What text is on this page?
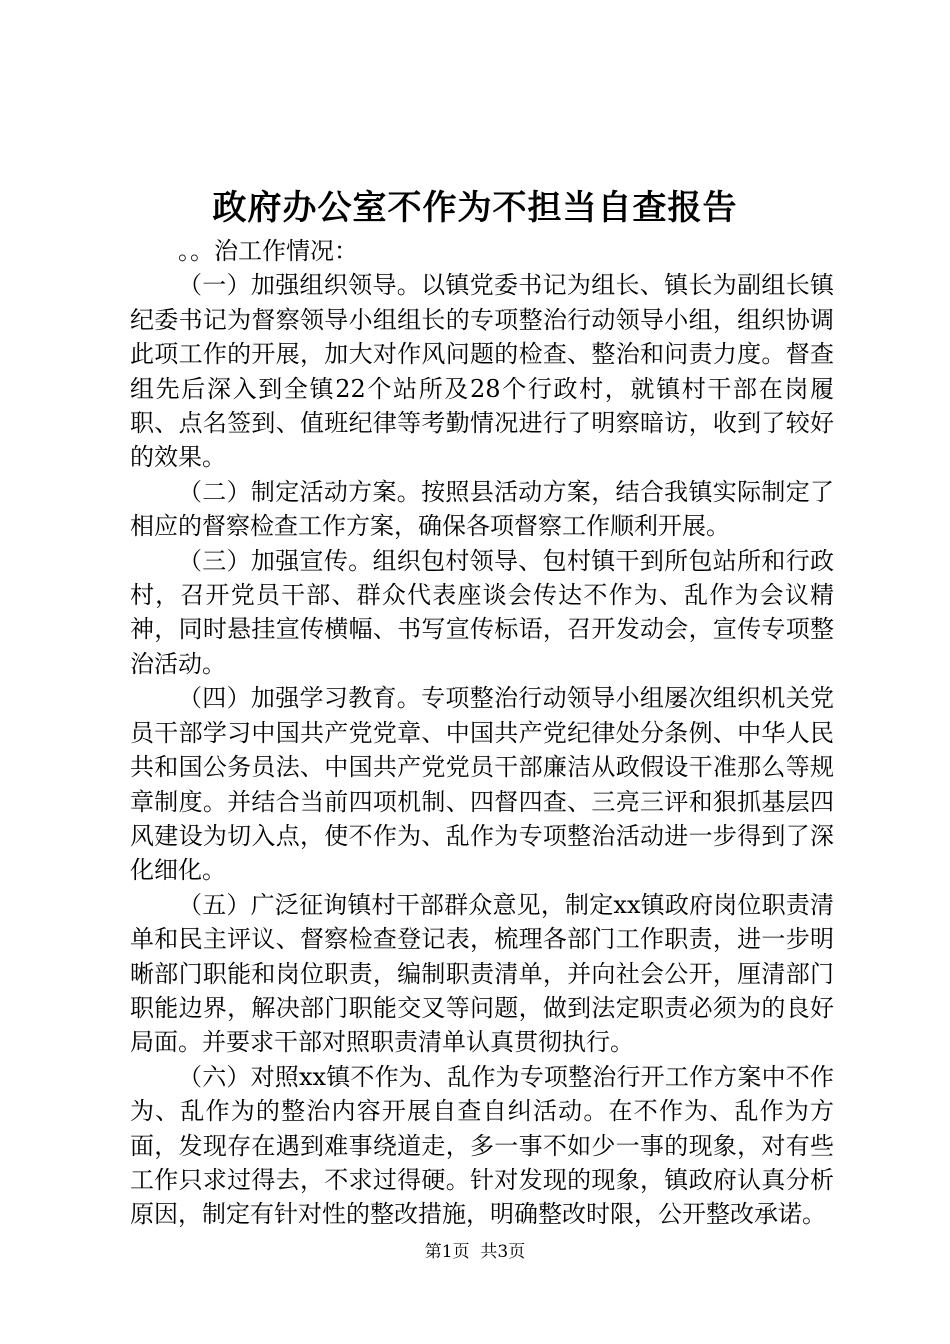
政府办公室不作为不担当自查报告

。。治工作情况：

（一）加强组织领导。以镇党委书记为组长、镇长为副组长镇纪委书记为督察领导小组组长的专项整治行动领导小组，组织协调此项工作的开展，加大对作风问题的检查、整治和问责力度。督查组先后深入到全镇22个站所及28个行政村，就镇村干部在岗履职、点名签到、值班纪律等考勤情况进行了明察暗访，收到了较好的效果。

（二）制定活动方案。按照县活动方案，结合我镇实际制定了相应的督察检查工作方案，确保各项督察工作顺利开展。

（三）加强宣传。组织包村领导、包村镇干到所包站所和行政村，召开党员干部、群众代表座谈会传达不作为、乱作为会议精神，同时悬挂宣传横幅、书写宣传标语，召开发动会，宣传专项整治活动。

（四）加强学习教育。专项整治行动领导小组屡次组织机关党员干部学习中国共产党党章、中国共产党纪律处分条例、中华人民共和国公务员法、中国共产党党员干部廉洁从政假设干准那么等规章制度。并结合当前四项机制、四督四查、三亮三评和狠抓基层四风建设为切入点，使不作为、乱作为专项整治活动进一步得到了深化细化。

（五）广泛征询镇村干部群众意见，制定xx镇政府岗位职责清单和民主评议、督察检查登记表，梳理各部门工作职责，进一步明晰部门职能和岗位职责，编制职责清单，并向社会公开，厘清部门职能边界，解决部门职能交叉等问题，做到法定职责必须为的良好局面。并要求干部对照职责清单认真贯彻执行。

（六）对照xx镇不作为、乱作为专项整治行开工作方案中不作为、乱作为的整治内容开展自查自纠活动。在不作为、乱作为方面，发现存在遇到难事绕道走，多一事不如少一事的现象，对有些工作只求过得去，不求过得硬。针对发现的现象，镇政府认真分析原因，制定有针对性的整改措施，明确整改时限，公开整改承诺。

第1页  共3页
